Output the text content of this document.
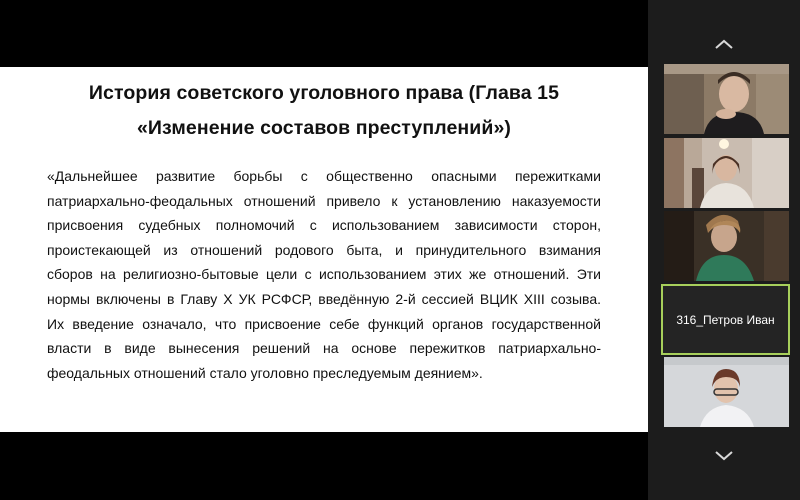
История советского уголовного права (Глава 15
«Изменение составов преступлений»)
«Дальнейшее развитие борьбы с общественно опасными пережитками
патриархально-феодальных отношений привело к установлению наказуемости
присвоения судебных полномочий с использованием зависимости сторон,
проистекающей из отношений родового быта, и принудительного взимания
сборов на религиозно-бытовые цели с использованием этих же отношений. Эти
нормы включены в Главу X УК РСФСР, введённую 2-й сессией ВЦИК XIII созыва.
Их введение означало, что присвоение себе функций органов государственной
власти в виде вынесения решений на основе пережитков патриархально-
феодальных отношений стало уголовно преследуемым деянием».
316_Петров Иван
